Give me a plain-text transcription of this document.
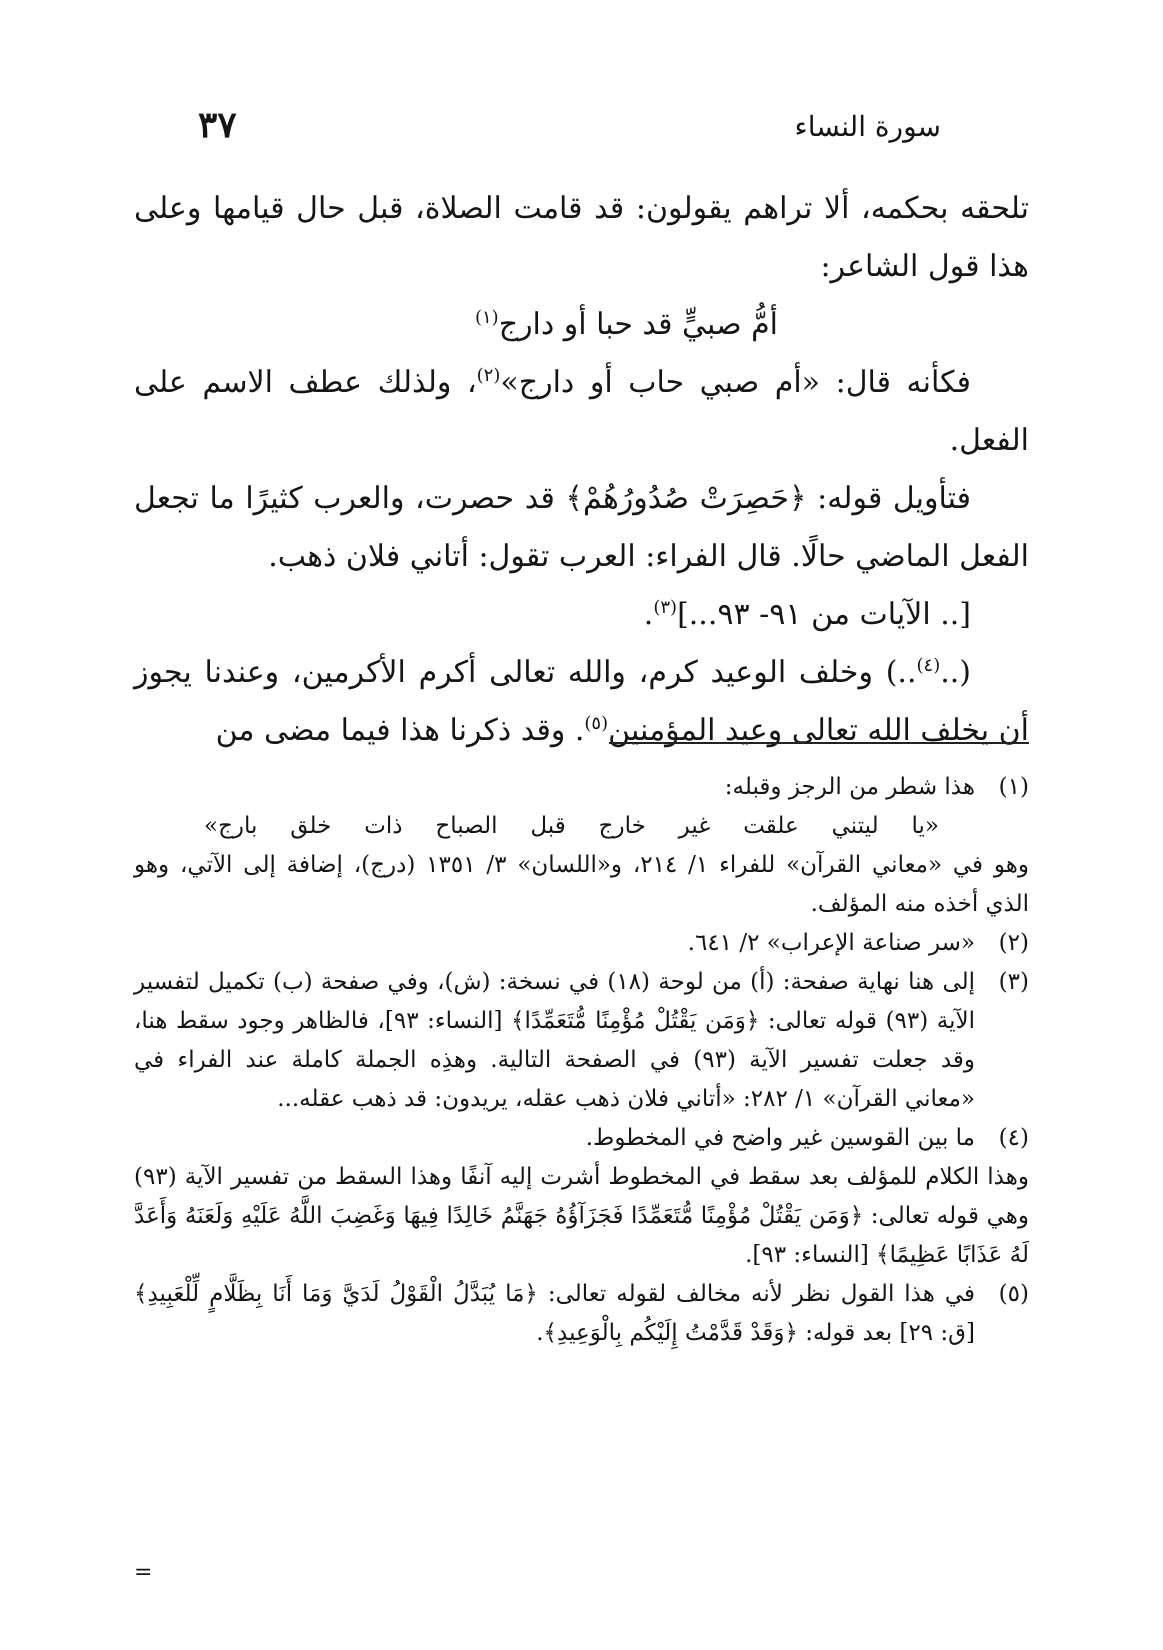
٣٧	سورة النساء

تلحقه بحكمه، ألا تراهم يقولون: قد قامت الصلاة، قبل حال قيامها وعلى هذا قول الشاعر:

أمُّ صبيٍّ قد حبا أو دارج$^{(١)}$

فكأنه قال: «أم صبي حاب أو دارج»$^{(٢)}$، ولذلك عطف الاسم على الفعل.

فتأويل قوله: ﴿حَصِرَتْ صُدُورُهُمْ﴾ قد حصرت، والعرب كثيرًا ما تجعل الفعل الماضي حالًا. قال الفراء: العرب تقول: أتاني فلان ذهب.

[.. الآيات من ٩١- ٩٣...]$^{(٣)}$.

(..$^{(٤)}$..) وخلف الوعيد كرم، والله تعالى أكرم الأكرمين، وعندنا يجوز أن يخلف الله تعالى وعيد المؤمنين$^{(٥)}$. وقد ذكرنا هذا فيما مضى من

(١)

هذا شطر من الرجز وقبله:

«يا ليتني علقت غير خارج قبل الصباح ذات خلق بارج»

وهو في «معاني القرآن» للفراء ١/ ٢١٤، و«اللسان» ٣/ ١٣٥١ (درج)، إضافة إلى الآتي، وهو الذي أخذه منه المؤلف.

(٢)

«سر صناعة الإعراب» ٢/ ٦٤١.

(٣)

إلى هنا نهاية صفحة: (أ) من لوحة (١٨) في نسخة: (ش)، وفي صفحة (ب) تكميل لتفسير الآية (٩٣) قوله تعالى: ﴿وَمَن يَقْتُلْ مُؤْمِنًا مُّتَعَمِّدًا﴾ [النساء: ٩٣]، فالظاهر وجود سقط هنا، وقد جعلت تفسير الآية (٩٣) في الصفحة التالية. وهذِه الجملة كاملة عند الفراء في «معاني القرآن» ١/ ٢٨٢: «أتاني فلان ذهب عقله، يريدون: قد ذهب عقله...

(٤)

ما بين القوسين غير واضح في المخطوط.

وهذا الكلام للمؤلف بعد سقط في المخطوط أشرت إليه آنفًا وهذا السقط من تفسير الآية (٩٣) وهي قوله تعالى: ﴿وَمَن يَقْتُلْ مُؤْمِنًا مُّتَعَمِّدًا فَجَزَآؤُهُ جَهَنَّمُ خَالِدًا فِيهَا وَغَضِبَ اللَّهُ عَلَيْهِ وَلَعَنَهُ وَأَعَدَّ لَهُ عَذَابًا عَظِيمًا﴾ [النساء: ٩٣].

(٥)

في هذا القول نظر لأنه مخالف لقوله تعالى: ﴿مَا يُبَدَّلُ الْقَوْلُ لَدَيَّ وَمَا أَنَا بِظَلَّامٍ لِّلْعَبِيدِ﴾ [ق: ٢٩] بعد قوله: ﴿وَقَدْ قَدَّمْتُ إِلَيْكُم بِالْوَعِيدِ﴾.

=
